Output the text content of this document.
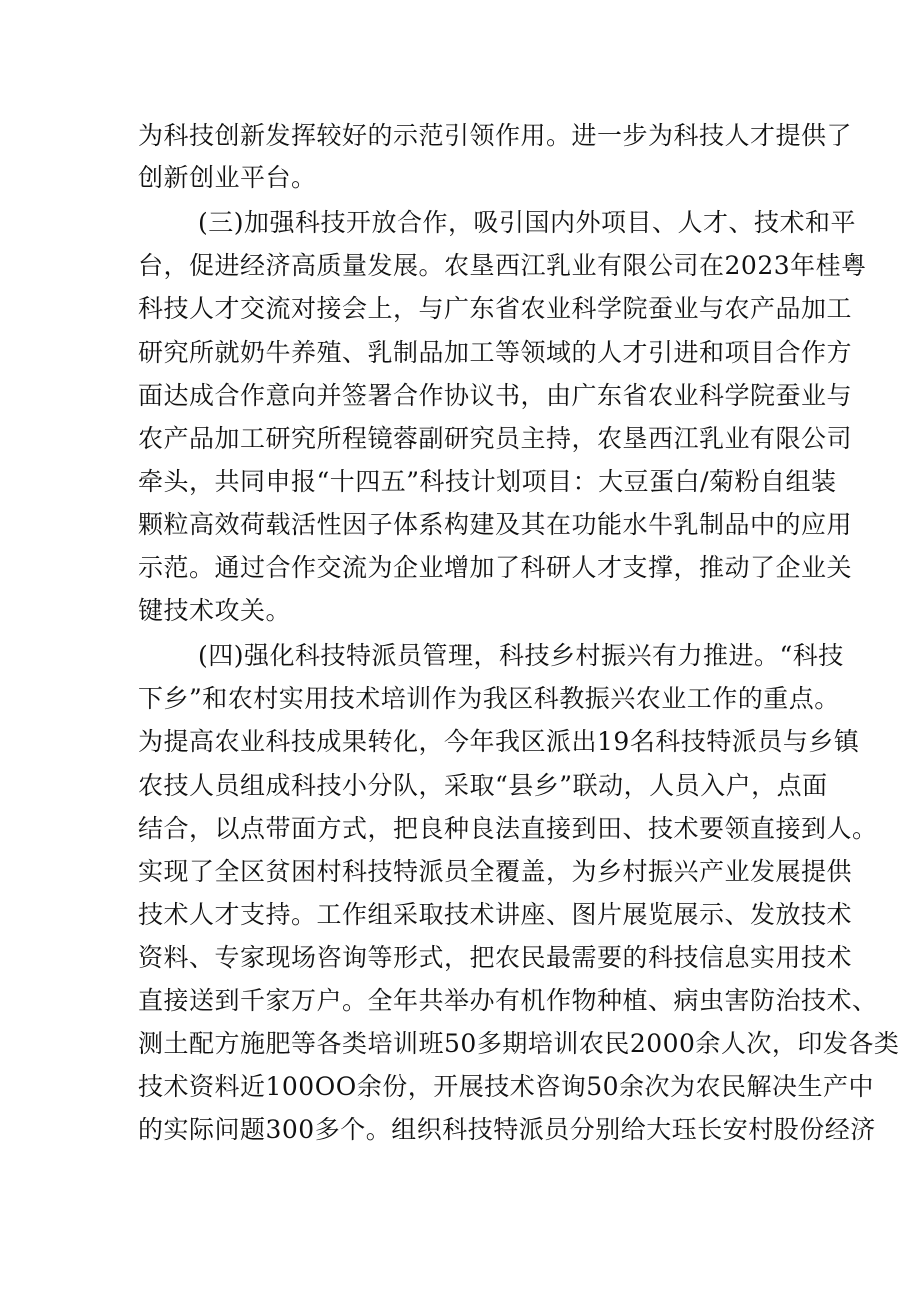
为科技创新发挥较好的示范引领作用。进一步为科技人才提供了
创新创业平台。
(三)加强科技开放合作，吸引国内外项目、人才、技术和平
台，促进经济高质量发展。农垦西江乳业有限公司在2023年桂粤
科技人才交流对接会上，与广东省农业科学院蚕业与农产品加工
研究所就奶牛养殖、乳制品加工等领域的人才引进和项目合作方
面达成合作意向并签署合作协议书，由广东省农业科学院蚕业与
农产品加工研究所程镜蓉副研究员主持，农垦西江乳业有限公司
牵头，共同申报“十四五”科技计划项目：大豆蛋白/菊粉自组装
颗粒高效荷载活性因子体系构建及其在功能水牛乳制品中的应用
示范。通过合作交流为企业增加了科研人才支撑，推动了企业关
键技术攻关。
(四)强化科技特派员管理，科技乡村振兴有力推进。“科技
下乡”和农村实用技术培训作为我区科教振兴农业工作的重点。
为提高农业科技成果转化，今年我区派出19名科技特派员与乡镇
农技人员组成科技小分队，采取“县乡”联动，人员入户，点面
结合，以点带面方式，把良种良法直接到田、技术要领直接到人。
实现了全区贫困村科技特派员全覆盖，为乡村振兴产业发展提供
技术人才支持。工作组采取技术讲座、图片展览展示、发放技术
资料、专家现场咨询等形式，把农民最需要的科技信息实用技术
直接送到千家万户。全年共举办有机作物种植、病虫害防治技术、
测土配方施肥等各类培训班50多期培训农民2000余人次，印发各类
技术资料近100OO余份，开展技术咨询50余次为农民解决生产中
的实际问题300多个。组织科技特派员分别给大珏长安村股份经济
